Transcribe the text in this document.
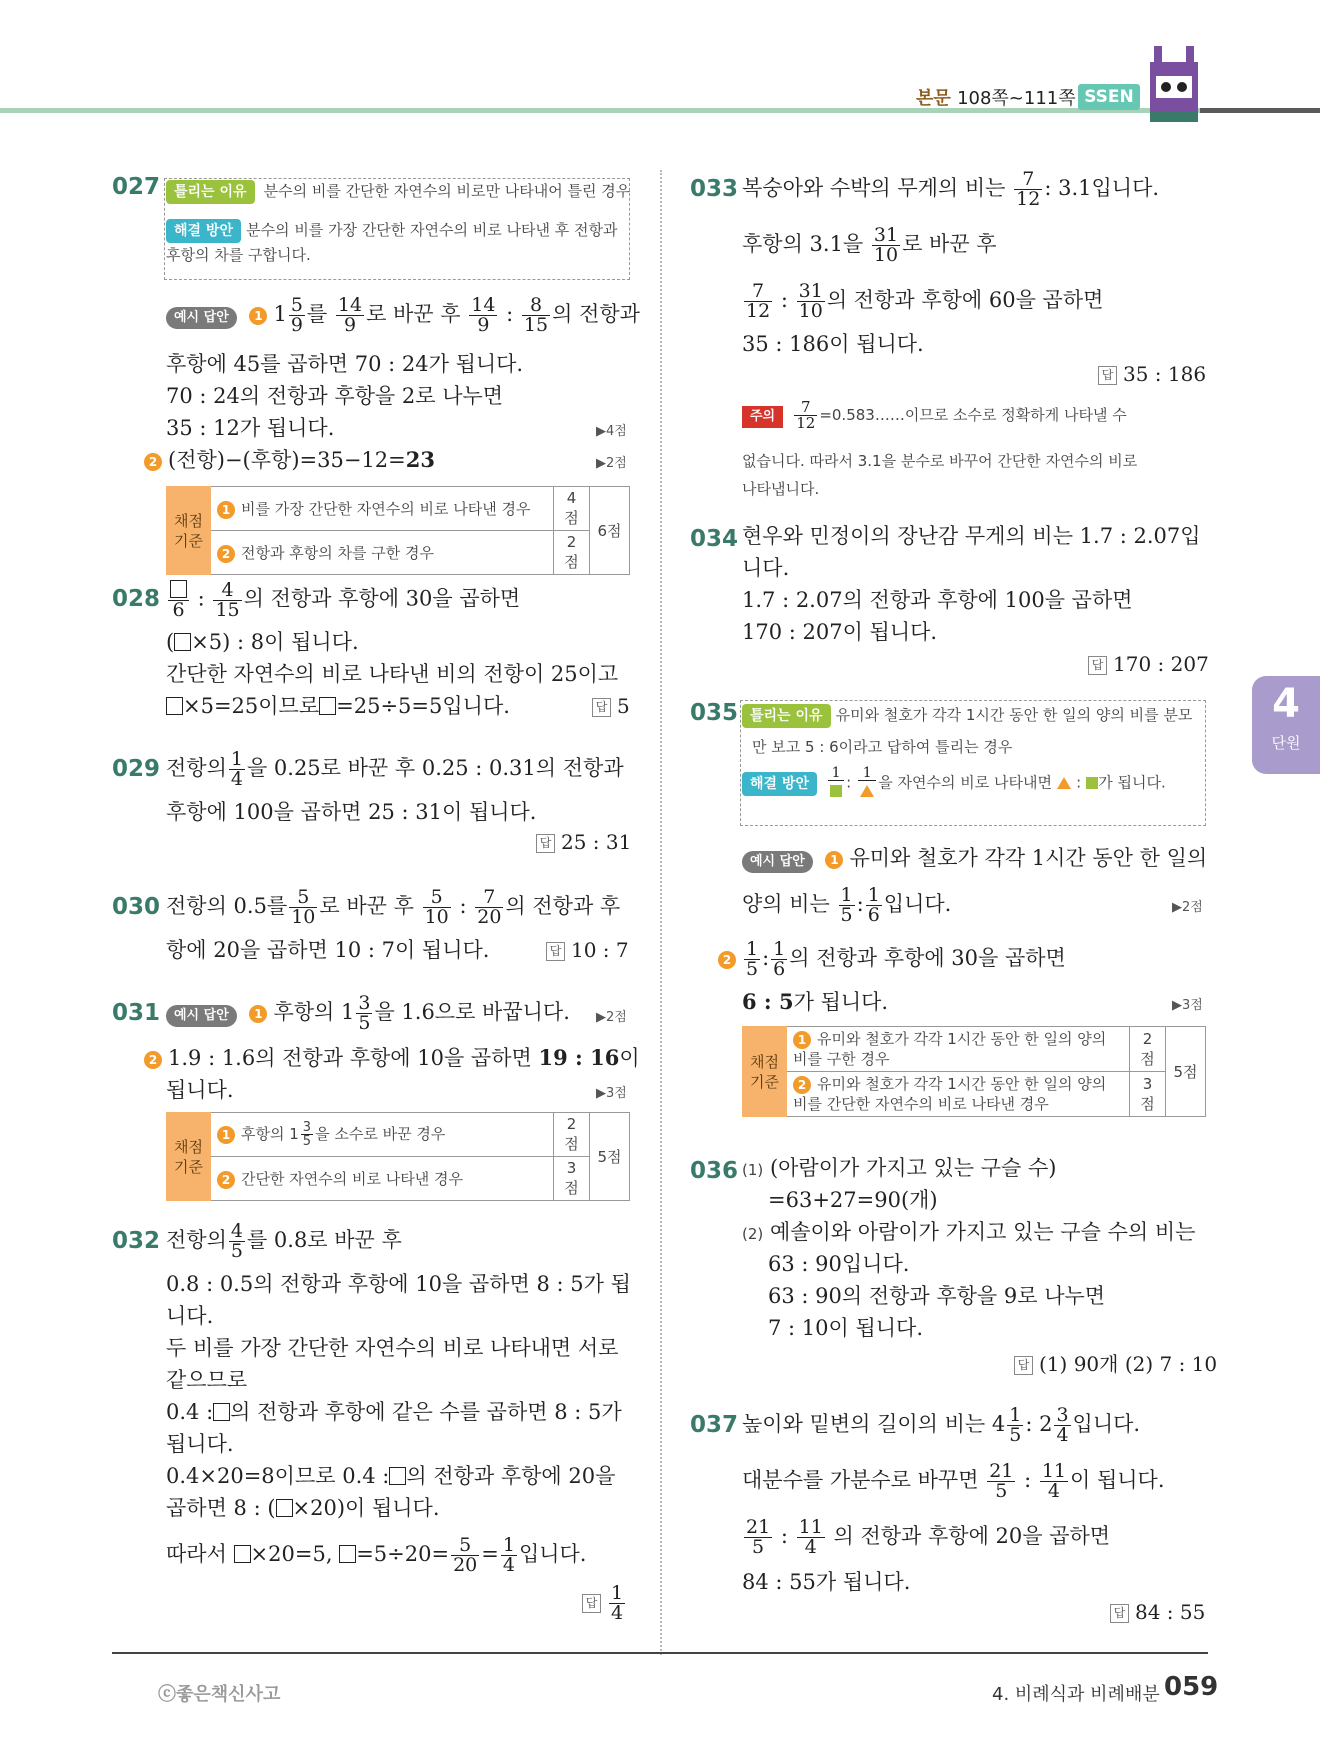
본문 108쪽~111쪽 SSEN
4
단원
027 틀리는 이유 분수의 비를 간단한 자연수의 비로만 나타내어 틀린 경우
해결 방안 분수의 비를 가장 간단한 자연수의 비로 나타낸 후 전항과 후항의 차를 구합니다.
예시 답안 1 $1 \frac{5}{9}$ 를 $\frac{14}{9}$ 로 바꾼 후 $\frac{14}{9}$ : $\frac{8}{15}$ 의 전항과
후항에 45를 곱하면 70 : 24가 됩니다.
70 : 24의 전항과 후항을 2로 나누면
35 : 12가 됩니다.	▶4점
2 (전항)−(후항)=35−12=23	▶2점
채점 기준	1 비를 가장 간단한 자연수의 비로 나타낸 경우	4점	6점
	2 전항과 후항의 차를 구한 경우	2점	
028 6 : $\frac{4}{15}$ 의 전항과 후항에 30을 곱하면
( ×5) : 8이 됩니다.
간단한 자연수의 비로 나타낸 비의 전항이 25이고
×5=25이므로 =25÷5=5입니다.	답 5
029 전항의 $\frac{1}{4}$ 을 0.25로 바꾼 후 0.25 : 0.31의 전항과
후항에 100을 곱하면 25 : 31이 됩니다.
답 25 : 31
030 전항의 0.5를 $\frac{5}{10}$ 로 바꾼 후 $\frac{5}{10}$ : $\frac{7}{20}$ 의 전항과 후
항에 20을 곱하면 10 : 7이 됩니다.	답 10 : 7
031	예시 답안 1 후항의 $1 \frac{3}{5}$ 을 1.6으로 바꿉니다. ▶2점
2 1.9 : 1.6의 전항과 후항에 10을 곱하면 19 : 16이
됩니다.	▶3점
채점 기준	1 후항의 $1 \frac{3}{5}$ 을 소수로 바꾼 경우	2점	5점
	2 간단한 자연수의 비로 나타낸 경우	3점	
032 전항의 $\frac{4}{5}$ 를 0.8로 바꾼 후
0.8 : 0.5의 전항과 후항에 10을 곱하면 8 : 5가 됩
니다.
두 비를 가장 간단한 자연수의 비로 나타내면 서로
같으므로
0.4 : 의 전항과 후항에 같은 수를 곱하면 8 : 5가
됩니다.
0.4×20=8이므로 0.4 : 의 전항과 후항에 20을
곱하면 8 : ( ×20)이 됩니다.
따라서 ×20=5, $=5\div 20= \frac{5}{20} = \frac{1}{4}$ 입니다.
답 $\frac{1}{4}$
033 복숭아와 수박의 무게의 비는 $\frac{7}{12}$ : 3.1입니다.
후항의 3.1을 $\frac{31}{10}$ 로 바꾼 후
$\frac{7}{12}$ : $\frac{31}{10}$ 의 전항과 후항에 60을 곱하면
35 : 186이 됩니다.
답 35 : 186
주의 $\frac{7}{12}$ =0.583……이므로 소수로 정확하게 나타낼 수
없습니다. 따라서 3.1을 분수로 바꾸어 간단한 자연수의 비로
나타냅니다.
034 현우와 민정이의 장난감 무게의 비는 1.7 : 2.07입
니다.
1.7 : 2.07의 전항과 후항에 100을 곱하면
170 : 207이 됩니다.
답 170 : 207
035 틀리는 이유 유미와 철호가 각각 1시간 동안 한 일의 양의 비를 분모
만 보고 5 : 6이라고 답하여 틀리는 경우
해결 방안
1
:
1
을 자연수의 비로 나타내면 : 가 됩니다.
예시 답안 1 유미와 철호가 각각 1시간 동안 한 일의
양의 비는 $\frac{1}{5}$ : $\frac{1}{6}$ 입니다.	▶2점
$2 \frac{1}{5}$ : $\frac{1}{6}$ 의 전항과 후항에 30을 곱하면
6 : 5가 됩니다.	▶3점
채점 기준	1 유미와 철호가 각각 1시간 동안 한 일의 양의
비를 구한 경우	2점	5점
	2 유미와 철호가 각각 1시간 동안 한 일의 양의
비를 간단한 자연수의 비로 나타낸 경우	3점	
036 (1) (아람이가 가지고 있는 구슬 수)
=63+27=90(개)
(2) 예솔이와 아람이가 가지고 있는 구슬 수의 비는
63 : 90입니다.
63 : 90의 전항과 후항을 9로 나누면
7 : 10이 됩니다.
답 (1) 90개 (2) 7 : 10
037 높이와 밑변의 길이의 비는 $4 \frac{1}{5}$ : $2 \frac{3}{4}$ 입니다.
대분수를 가분수로 바꾸면 $\frac{21}{5}$ : $\frac{11}{4}$ 이 됩니다.
$\frac{21}{5}$ : $\frac{11}{4}$ 의 전항과 후항에 20을 곱하면
84 : 55가 됩니다.
답 84 : 55
ⓒ좋은책신사고	4. 비례식과 비례배분 059
